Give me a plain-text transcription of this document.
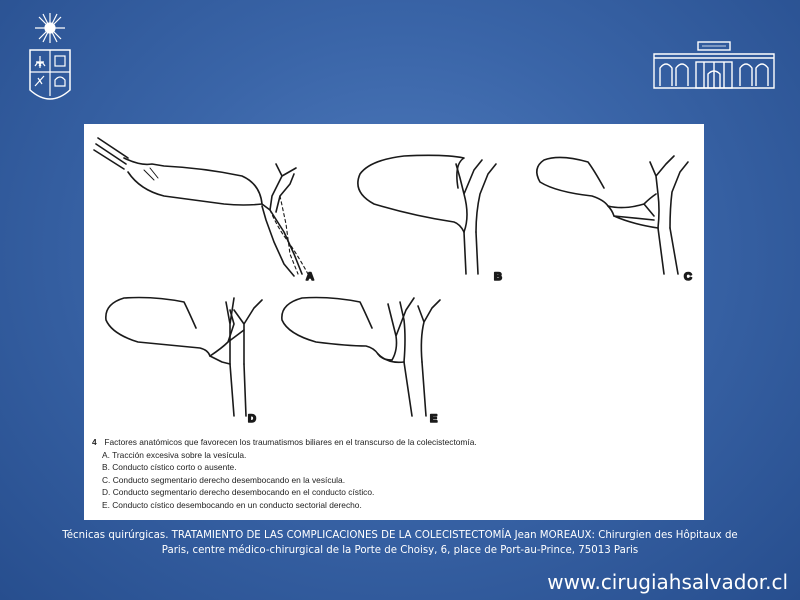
A	B	C
D	E
4 Factores anatómicos que favorecen los traumatismos biliares en el transcurso de la colecistectomía.
A. Tracción excesiva sobre la vesícula.
B. Conducto cístico corto o ausente.
C. Conducto segmentario derecho desembocando en la vesícula.
D. Conducto segmentario derecho desembocando en el conducto cístico.
E. Conducto cístico desembocando en un conducto sectorial derecho.
Técnicas quirúrgicas. TRATAMIENTO DE LAS COMPLICACIONES DE LA COLECISTECTOMÍA Jean MOREAUX: Chirurgien des Hôpitaux de
Paris, centre médico-chirurgical de la Porte de Choisy, 6, place de Port-au-Prince, 75013 Paris
www.cirugiahsalvador.cl
